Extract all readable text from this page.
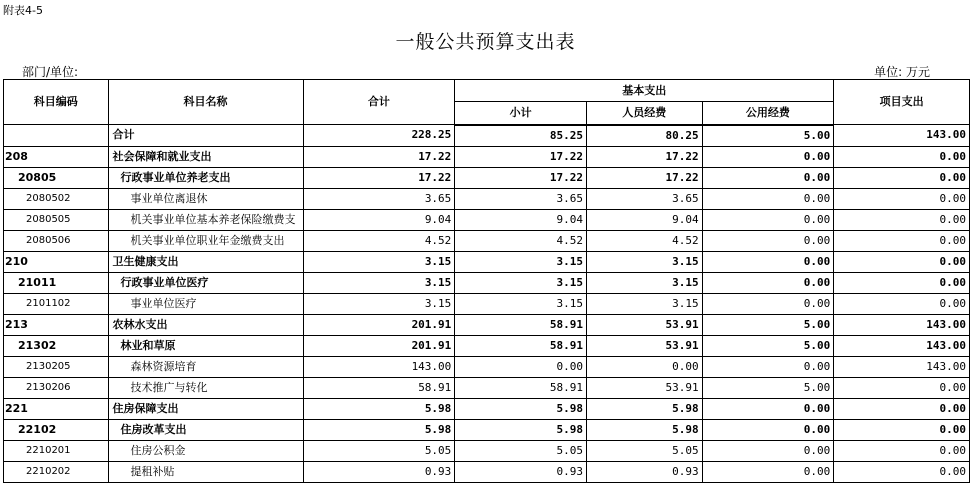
附表4-5
一般公共预算支出表
部门/单位:	单位: 万元
科目编码	科目名称	合计	基本支出			项目支出
			小计	人员经费	公用经费	
	合计	228.25	85.25	80.25	5.00	143.00
208	社会保障和就业支出	17.22	17.22	17.22	0.00	0.00
20805	行政事业单位养老支出	17.22	17.22	17.22	0.00	0.00
2080502	事业单位离退休	3.65	3.65	3.65	0.00	0.00
2080505	机关事业单位基本养老保险缴费支	9.04	9.04	9.04	0.00	0.00
2080506	机关事业单位职业年金缴费支出	4.52	4.52	4.52	0.00	0.00
210	卫生健康支出	3.15	3.15	3.15	0.00	0.00
21011	行政事业单位医疗	3.15	3.15	3.15	0.00	0.00
2101102	事业单位医疗	3.15	3.15	3.15	0.00	0.00
213	农林水支出	201.91	58.91	53.91	5.00	143.00
21302	林业和草原	201.91	58.91	53.91	5.00	143.00
2130205	森林资源培育	143.00	0.00	0.00	0.00	143.00
2130206	技术推广与转化	58.91	58.91	53.91	5.00	0.00
221	住房保障支出	5.98	5.98	5.98	0.00	0.00
22102	住房改革支出	5.98	5.98	5.98	0.00	0.00
2210201	住房公积金	5.05	5.05	5.05	0.00	0.00
2210202	提租补贴	0.93	0.93	0.93	0.00	0.00
